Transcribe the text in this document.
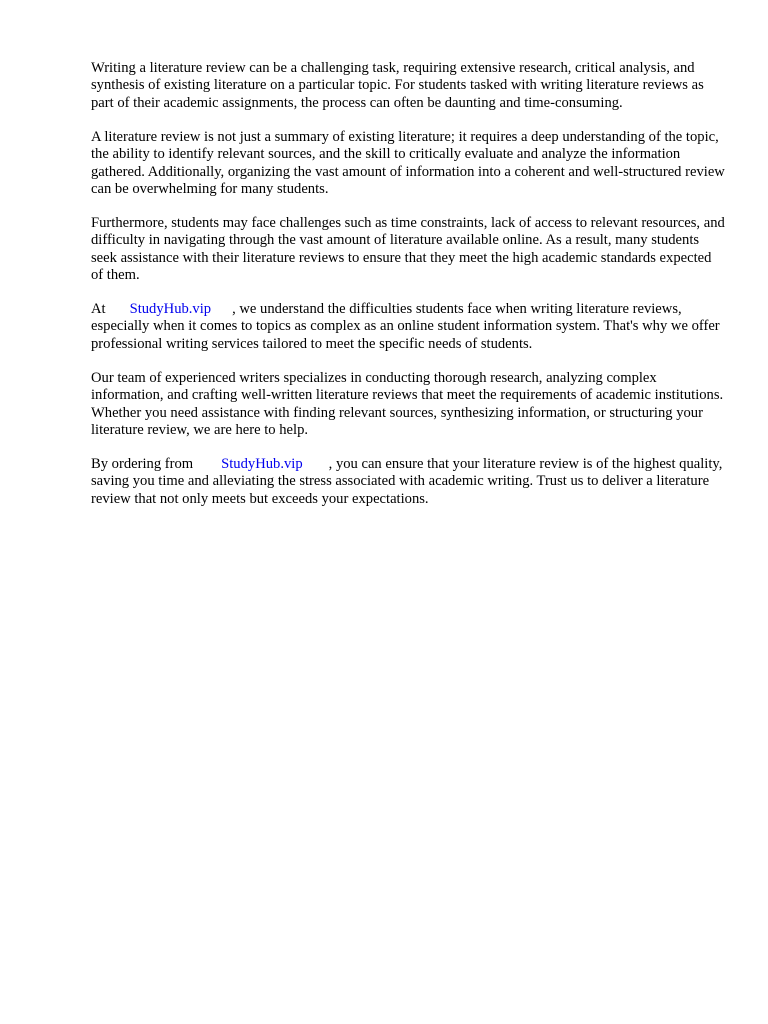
Writing a literature review can be a challenging task, requiring extensive research, critical analysis, and synthesis of existing literature on a particular topic. For students tasked with writing literature reviews as part of their academic assignments, the process can often be daunting and time-consuming.

A literature review is not just a summary of existing literature; it requires a deep understanding of the topic, the ability to identify relevant sources, and the skill to critically evaluate and analyze the information gathered. Additionally, organizing the vast amount of information into a coherent and well-structured review can be overwhelming for many students.

Furthermore, students may face challenges such as time constraints, lack of access to relevant resources, and difficulty in navigating through the vast amount of literature available online. As a result, many students seek assistance with their literature reviews to ensure that they meet the high academic standards expected of them.

At StudyHub.vip , we understand the difficulties students face when writing literature reviews, especially when it comes to topics as complex as an online student information system. That's why we offer professional writing services tailored to meet the specific needs of students.

Our team of experienced writers specializes in conducting thorough research, analyzing complex information, and crafting well-written literature reviews that meet the requirements of academic institutions. Whether you need assistance with finding relevant sources, synthesizing information, or structuring your literature review, we are here to help.

By ordering from StudyHub.vip , you can ensure that your literature review is of the highest quality, saving you time and alleviating the stress associated with academic writing. Trust us to deliver a literature review that not only meets but exceeds your expectations.
